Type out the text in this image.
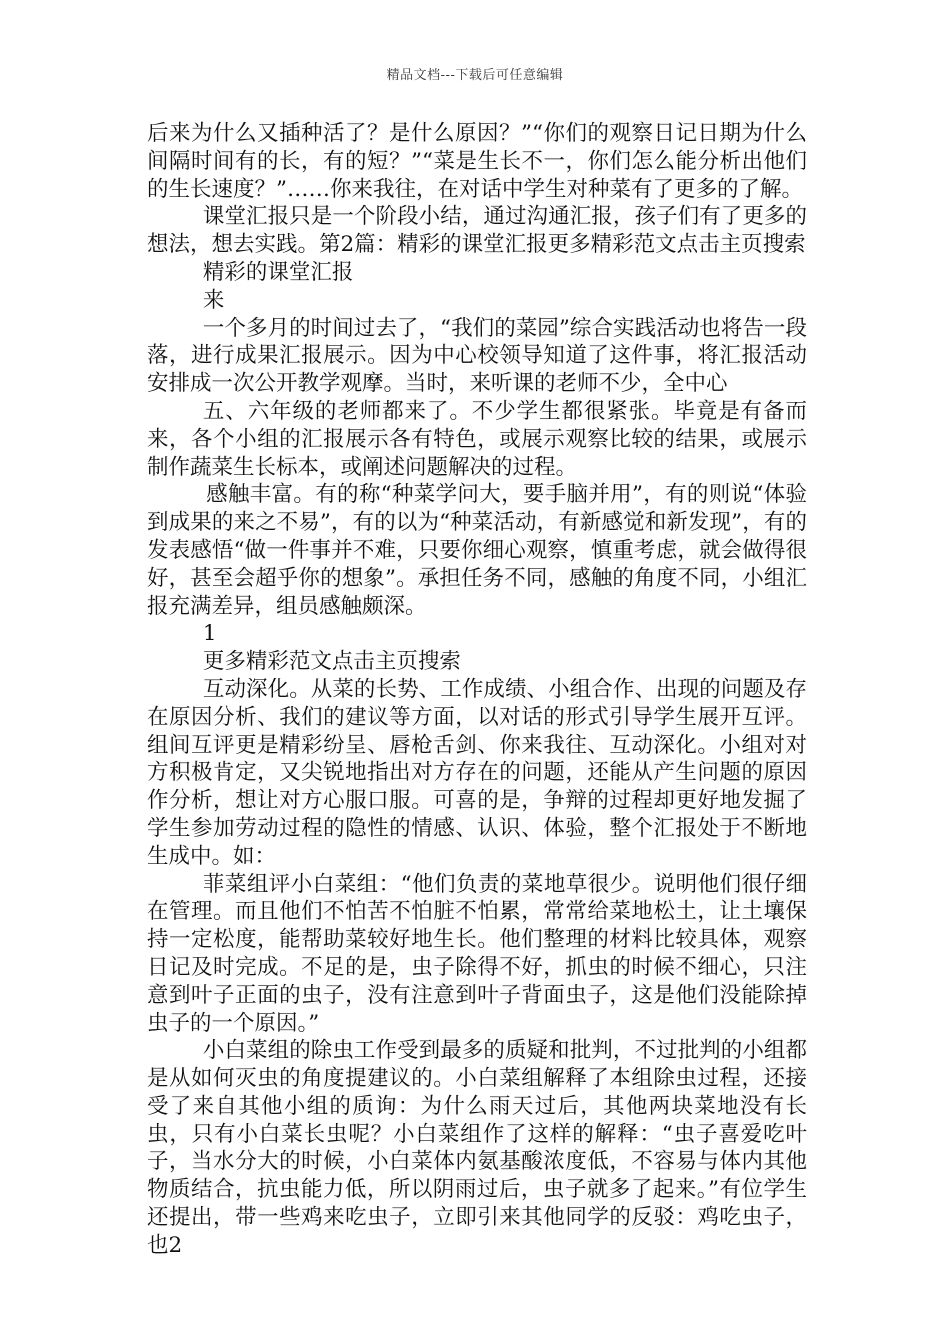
精品文档---下载后可任意编辑

后来为什么又插种活了？是什么原因？”“你们的观察日记日期为什么间隔时间有的长，有的短？”“菜是生长不一，你们怎么能分析出他们的生长速度？”……你来我往，在对话中学生对种菜有了更多的了解。

课堂汇报只是一个阶段小结，通过沟通汇报，孩子们有了更多的想法，想去实践。第2篇：精彩的课堂汇报更多精彩范文点击主页搜索

精彩的课堂汇报

来

一个多月的时间过去了，“我们的菜园”综合实践活动也将告一段落，进行成果汇报展示。因为中心校领导知道了这件事，将汇报活动安排成一次公开教学观摩。当时，来听课的老师不少，全中心

五、六年级的老师都来了。不少学生都很紧张。毕竟是有备而来，各个小组的汇报展示各有特色，或展示观察比较的结果，或展示制作蔬菜生长标本，或阐述问题解决的过程。

感触丰富。有的称“种菜学问大，要手脑并用”，有的则说“体验到成果的来之不易”，有的以为“种菜活动，有新感觉和新发现”，有的发表感悟“做一件事并不难，只要你细心观察，慎重考虑，就会做得很好，甚至会超乎你的想象”。承担任务不同，感触的角度不同，小组汇报充满差异，组员感触颇深。

1

更多精彩范文点击主页搜索

互动深化。从菜的长势、工作成绩、小组合作、出现的问题及存在原因分析、我们的建议等方面，以对话的形式引导学生展开互评。组间互评更是精彩纷呈、唇枪舌剑、你来我往、互动深化。小组对对方积极肯定，又尖锐地指出对方存在的问题，还能从产生问题的原因作分析，想让对方心服口服。可喜的是，争辩的过程却更好地发掘了学生参加劳动过程的隐性的情感、认识、体验，整个汇报处于不断地生成中。如：

菲菜组评小白菜组：“他们负责的菜地草很少。说明他们很仔细在管理。而且他们不怕苦不怕脏不怕累，常常给菜地松土，让土壤保持一定松度，能帮助菜较好地生长。他们整理的材料比较具体，观察日记及时完成。不足的是，虫子除得不好，抓虫的时候不细心，只注意到叶子正面的虫子，没有注意到叶子背面虫子，这是他们没能除掉虫子的一个原因。”

小白菜组的除虫工作受到最多的质疑和批判，不过批判的小组都是从如何灭虫的角度提建议的。小白菜组解释了本组除虫过程，还接受了来自其他小组的质询：为什么雨天过后，其他两块菜地没有长虫，只有小白菜长虫呢？小白菜组作了这样的解释：“虫子喜爱吃叶子，当水分大的时候，小白菜体内氨基酸浓度低，不容易与体内其他物质结合，抗虫能力低，所以阴雨过后，虫子就多了起来。”有位学生还提出，带一些鸡来吃虫子，立即引来其他同学的反驳：鸡吃虫子，也2
